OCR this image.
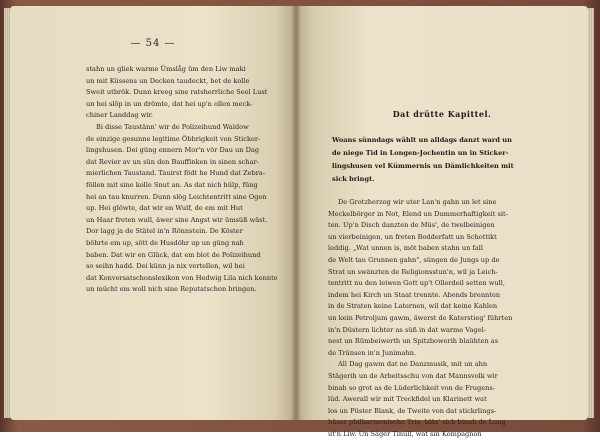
— 54 —
stahn un gliek warme Ümslåg üm den Liw maki
un mit Küssens un Decken taudeckt, bet de kolle
Sweit utbrök. Dunn kreeg sine ratsherrliche Seel Lust
un hei slöp in un drömte, dat hei up'n ollen meck-
chiner Landdag wir.
Bi disse Taustänn' wir de Polizeihund Waldow
de einzige gesunne legitime Öbbrigkeit von Sticker-
lingshusen. Dei güng ennern Mor'n vör Dau un Dag
dat Revier av un sün den Bauffinken in sinen schar-
mierlichen Taustand. Tauirst födt he Hund dat Zebra-
föllen mit sine kolle Snut an. As dat nich hülp, füng
hei an tau knurren. Dunn slög Leichtentritt sine Ogen
up. Hei glöwte, dat wir en Wulf, de em mit Hut
un Haar freten wull, äwer sine Angst wir ümsüß wäst.
Dor lagg ja de Stätel in'n Rönnstein. De Köster
böhrte em up, sött de Husdöhr up un güng nah
baben. Dat wir en Glück, dat em blot de Polizeihund
so seihn hadd. Dei künn ja nix vertellen, wil hei
dat Konversatschonslexikon von Hedwig Lila nich kennte
un mücht em woll nich sine Reputatschon bringen.
Dat drütte Kapittel.
Woans sünndags wählt un alldags danzt ward un
de niege Tid in Longen-Jochentin un in Sticker-
lingshusen vel Kümmernis un Dämlichkeiten mit
sick bringt.
De Grotzherzog wir uter Lan'n gahn un let sine
Meckelbörger in Not, Elend un Dummerhaftigkeit sit-
ten. Up'n Disch danzten de Müs', de twelbeinigen
un vierbeinigen, un freten Bodderfatt un Schottikt
leddig. „Wat unnen is, möt baben stahn un fall
de Welt tau Grunnen gahn", süngen de Jungs up de
Strat un swänzten de Religionsstun'n, wil ja Leich-
tentritt nu den leiwen Gott up't Ollerdeil setten wull,
indem hei Kirch un Staat trennte. Abends brennten
in de Straten keine Laternen, wil dat keine Kahlen
un kein Petroljum gawm, äwerst de Katerstieg' führten
in'n Düstern lichter as süß in dat warme Vagel-
nest un Rümbeiwerth un Spitzbowerih blaühten as
de Tränsen in'n Junimahn.
All Dag gawm dat ne Danzmusik, mit un ahn
Stägerih un de Arbeitsschu von dat Mannsvolk wir
binah so grot as de Lüderlichkeit von de Frugens-
lüd. Awerall wir mit Treckfidel un Klarinett wat
los un Püster Blank, de Tweite von dat stickrlings-
hüser philharmonische Trio, bläs' sick binah de Lung
ut'n Liw. Un Säger Tinüll, wat sin Kompagnon
